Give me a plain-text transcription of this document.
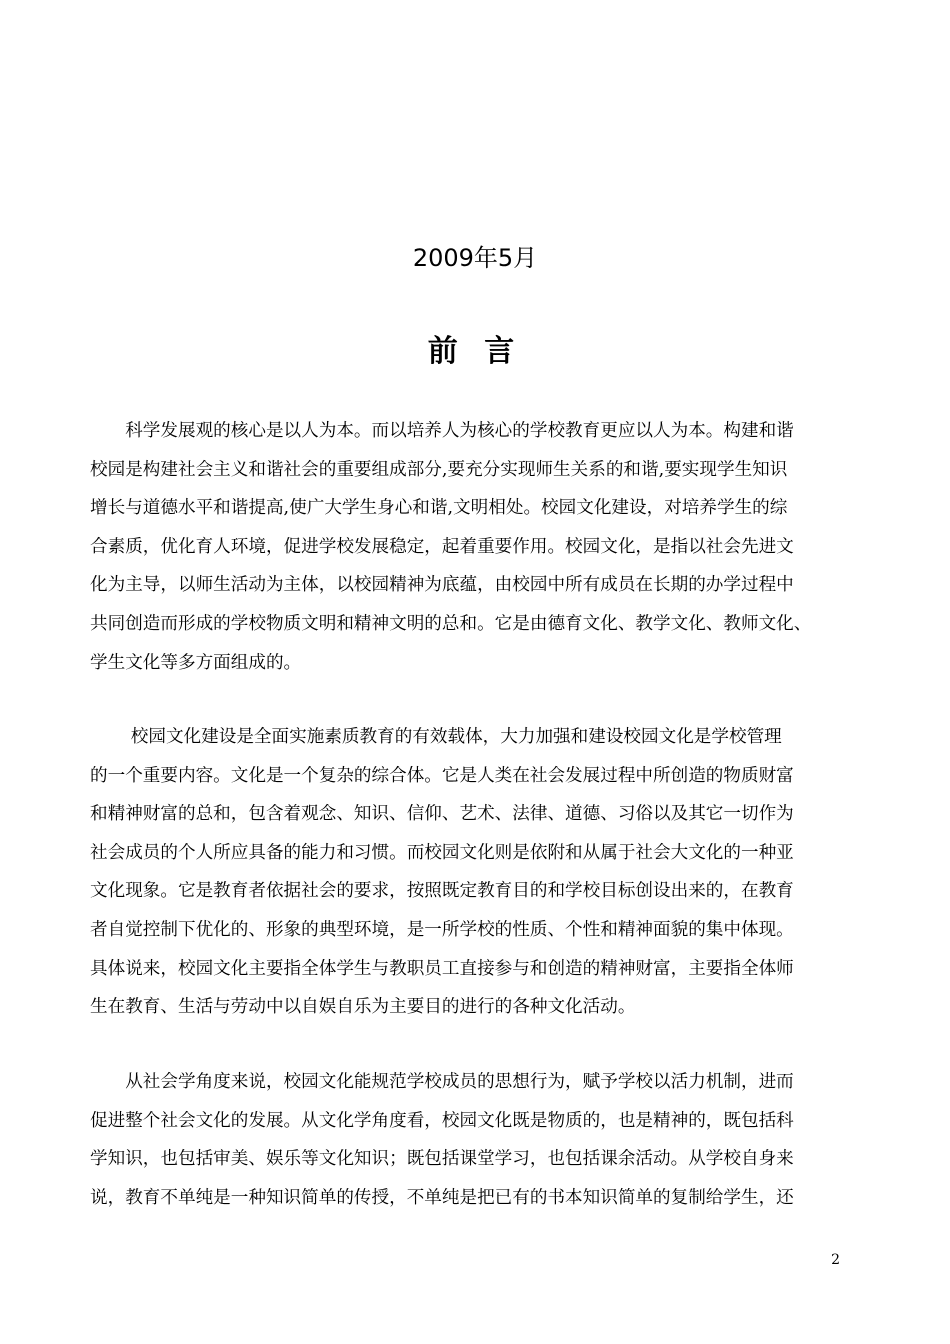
2009年5月
前 言
　　科学发展观的核心是以人为本。而以培养人为核心的学校教育更应以人为本。构建和谐
校园是构建社会主义和谐社会的重要组成部分,要充分实现师生关系的和谐,要实现学生知识
增长与道德水平和谐提高,使广大学生身心和谐,文明相处。校园文化建设，对培养学生的综
合素质，优化育人环境，促进学校发展稳定，起着重要作用。校园文化，是指以社会先进文
化为主导，以师生活动为主体，以校园精神为底蕴，由校园中所有成员在长期的办学过程中
共同创造而形成的学校物质文明和精神文明的总和。它是由德育文化、教学文化、教师文化、
学生文化等多方面组成的。
　　 校园文化建设是全面实施素质教育的有效载体，大力加强和建设校园文化是学校管理
的一个重要内容。文化是一个复杂的综合体。它是人类在社会发展过程中所创造的物质财富
和精神财富的总和，包含着观念、知识、信仰、艺术、法律、道德、习俗以及其它一切作为
社会成员的个人所应具备的能力和习惯。而校园文化则是依附和从属于社会大文化的一种亚
文化现象。它是教育者依据社会的要求，按照既定教育目的和学校目标创设出来的，在教育
者自觉控制下优化的、形象的典型环境，是一所学校的性质、个性和精神面貌的集中体现。
具体说来，校园文化主要指全体学生与教职员工直接参与和创造的精神财富，主要指全体师
生在教育、生活与劳动中以自娱自乐为主要目的进行的各种文化活动。
　　从社会学角度来说，校园文化能规范学校成员的思想行为，赋予学校以活力机制，进而
促进整个社会文化的发展。从文化学角度看，校园文化既是物质的，也是精神的，既包括科
学知识，也包括审美、娱乐等文化知识；既包括课堂学习，也包括课余活动。从学校自身来
说，教育不单纯是一种知识简单的传授，不单纯是把已有的书本知识简单的复制给学生，还
2
